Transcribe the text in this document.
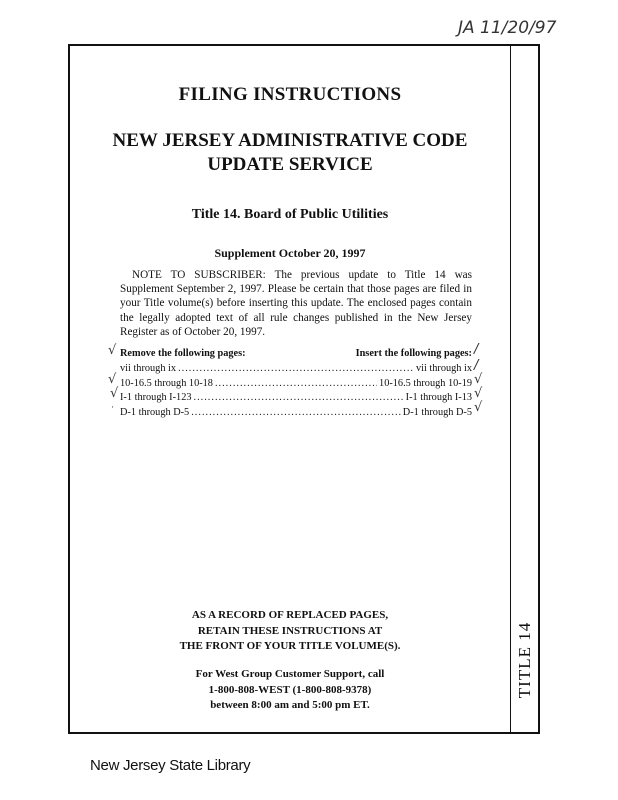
JA 11/20/97
TITLE 14
FILING INSTRUCTIONS
NEW JERSEY ADMINISTRATIVE CODE
UPDATE SERVICE
Title 14. Board of Public Utilities
Supplement October 20, 1997
NOTE TO SUBSCRIBER: The previous update to Title 14 was Supplement September 2, 1997. Please be certain that those pages are filed in your Title volume(s) before inserting this update. The enclosed pages contain the legally adopted text of all rule changes published in the New Jersey Register as of October 20, 1997.
Remove the following pages:	Insert the following pages:
vii through ix .....	vii through ix
10-16.5 through 10-18 .....	10-16.5 through 10-19
I-1 through I-123 .....	I-1 through I-13
D-1 through D-5 .....	D-1 through D-5
√	/
/
√	√
√	√
·	√
AS A RECORD OF REPLACED PAGES,
RETAIN THESE INSTRUCTIONS AT
THE FRONT OF YOUR TITLE VOLUME(S).
For West Group Customer Support, call
1-800-808-WEST (1-800-808-9378)
between 8:00 am and 5:00 pm ET.
New Jersey State Library
